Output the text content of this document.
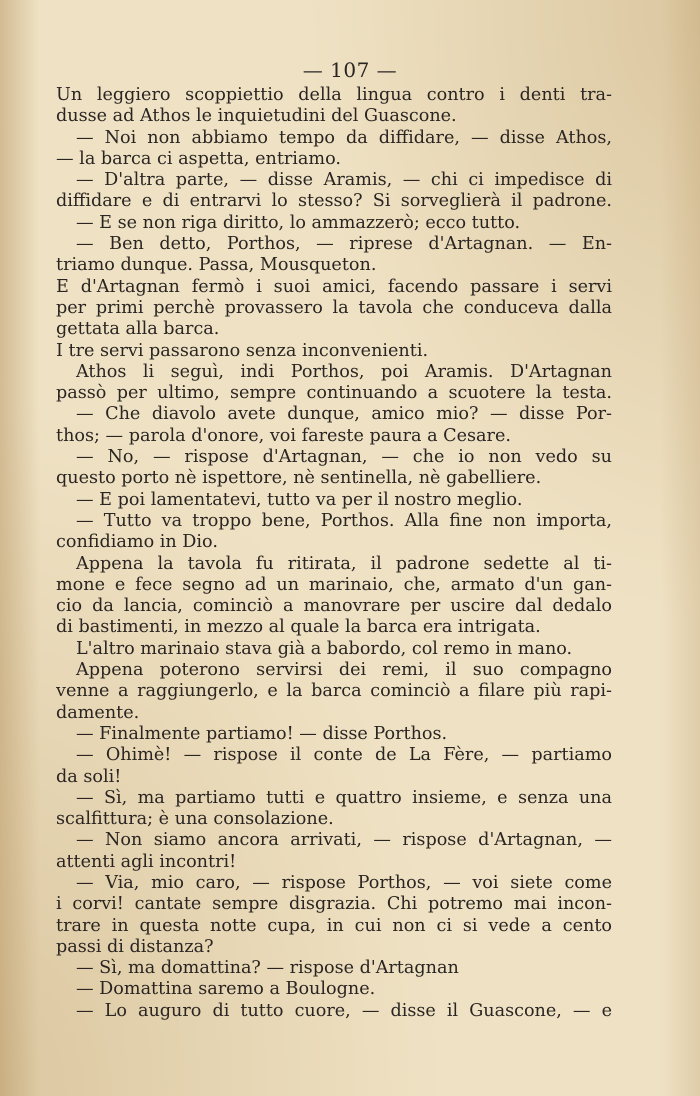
— 107 —
Un leggiero scoppiettio della lingua contro i denti tra-
dusse ad Athos le inquietudini del Guascone.
— Noi non abbiamo tempo da diffidare, — disse Athos,
— la barca ci aspetta, entriamo.
— D'altra parte, — disse Aramis, — chi ci impedisce di
diffidare e di entrarvi lo stesso? Si sorveglierà il padrone.
— E se non riga diritto, lo ammazzerò; ecco tutto.
— Ben detto, Porthos, — riprese d'Artagnan. — En-
triamo dunque. Passa, Mousqueton.
E d'Artagnan fermò i suoi amici, facendo passare i servi
per primi perchè provassero la tavola che conduceva dalla
gettata alla barca.
I tre servi passarono senza inconvenienti.
Athos li seguì, indi Porthos, poi Aramis. D'Artagnan
passò per ultimo, sempre continuando a scuotere la testa.
— Che diavolo avete dunque, amico mio? — disse Por-
thos; — parola d'onore, voi fareste paura a Cesare.
— No, — rispose d'Artagnan, — che io non vedo su
questo porto nè ispettore, nè sentinella, nè gabelliere.
— E poi lamentatevi, tutto va per il nostro meglio.
— Tutto va troppo bene, Porthos. Alla fine non importa,
confidiamo in Dio.
Appena la tavola fu ritirata, il padrone sedette al ti-
mone e fece segno ad un marinaio, che, armato d'un gan-
cio da lancia, cominciò a manovrare per uscire dal dedalo
di bastimenti, in mezzo al quale la barca era intrigata.
L'altro marinaio stava già a babordo, col remo in mano.
Appena poterono servirsi dei remi, il suo compagno
venne a raggiungerlo, e la barca cominciò a filare più rapi-
damente.
— Finalmente partiamo! — disse Porthos.
— Ohimè! — rispose il conte de La Fère, — partiamo
da soli!
— Sì, ma partiamo tutti e quattro insieme, e senza una
scalfittura; è una consolazione.
— Non siamo ancora arrivati, — rispose d'Artagnan, —
attenti agli incontri!
— Via, mio caro, — rispose Porthos, — voi siete come
i corvi! cantate sempre disgrazia. Chi potremo mai incon-
trare in questa notte cupa, in cui non ci si vede a cento
passi di distanza?
— Sì, ma domattina? — rispose d'Artagnan
— Domattina saremo a Boulogne.
— Lo auguro di tutto cuore, — disse il Guascone, — e
